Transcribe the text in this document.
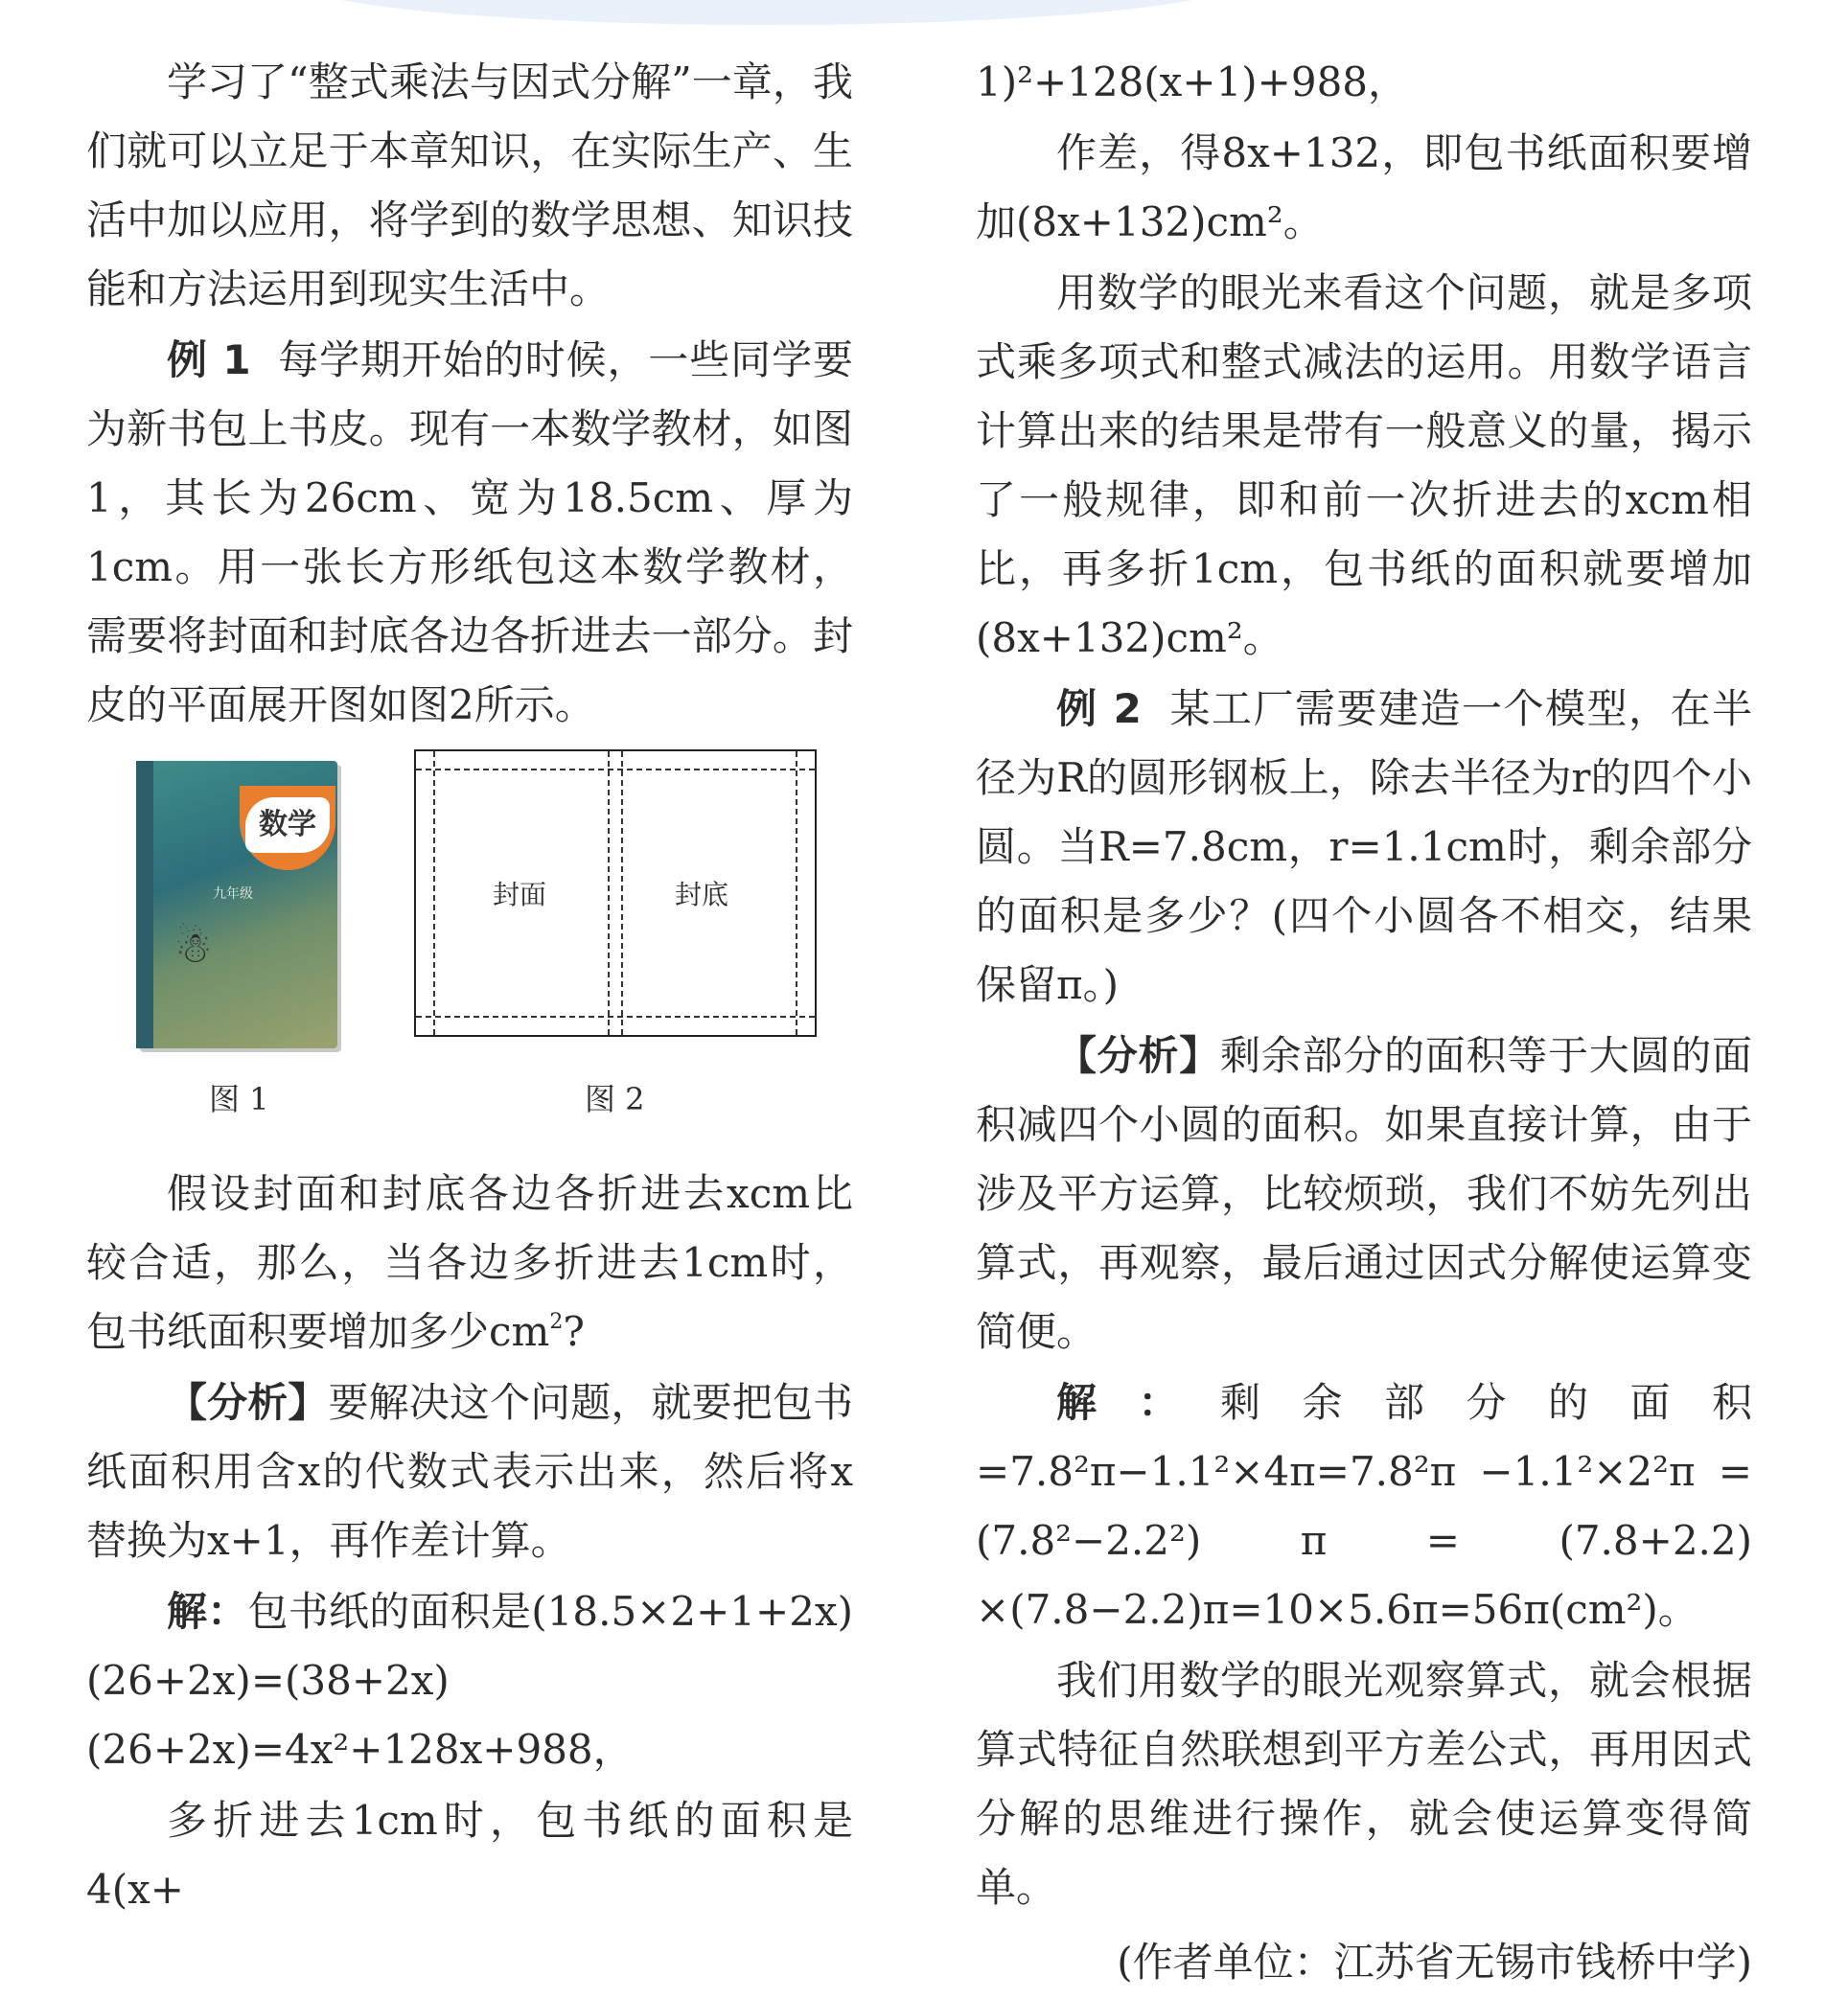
学习了“整式乘法与因式分解”一章，我们就可以立足于本章知识，在实际生产、生活中加以应用，将学到的数学思想、知识技能和方法运用到现实生活中。

例 1 每学期开始的时候，一些同学要为新书包上书皮。现有一本数学教材，如图1，其长为26cm、宽为18.5cm、厚为1cm。用一张长方形纸包这本数学教材，需要将封面和封底各边各折进去一部分。封皮的平面展开图如图2所示。

数学
九年级
☃
图 1
封面	封底
图 2

假设封面和封底各边各折进去xcm比较合适，那么，当各边多折进去1cm时，包书纸面积要增加多少$cm^2$?

【分析】要解决这个问题，就要把包书纸面积用含x的代数式表示出来，然后将x替换为x+1，再作差计算。

解：包书纸的面积是(18.5×2+1+2x)(26+2x)=(38+2x)(26+2x)=4x²+128x+988，

多折进去1cm时，包书纸的面积是4(x+

1)²+128(x+1)+988，

作差，得8x+132，即包书纸面积要增加(8x+132)cm²。

用数学的眼光来看这个问题，就是多项式乘多项式和整式减法的运用。用数学语言计算出来的结果是带有一般意义的量，揭示了一般规律，即和前一次折进去的xcm相比，再多折1cm，包书纸的面积就要增加(8x+132)cm²。

例 2 某工厂需要建造一个模型，在半径为R的圆形钢板上，除去半径为r的四个小圆。当R=7.8cm，r=1.1cm时，剩余部分的面积是多少？(四个小圆各不相交，结果保留π。)

【分析】剩余部分的面积等于大圆的面积减四个小圆的面积。如果直接计算，由于涉及平方运算，比较烦琐，我们不妨先列出算式，再观察，最后通过因式分解使运算变简便。

解：剩余部分的面积=7.8²π−1.1²×4π=7.8²π −1.1²×2²π = (7.8²−2.2²) π = (7.8+2.2) ×(7.8−2.2)π=10×5.6π=56π(cm²)。

我们用数学的眼光观察算式，就会根据算式特征自然联想到平方差公式，再用因式分解的思维进行操作，就会使运算变得简单。

(作者单位：江苏省无锡市钱桥中学)
